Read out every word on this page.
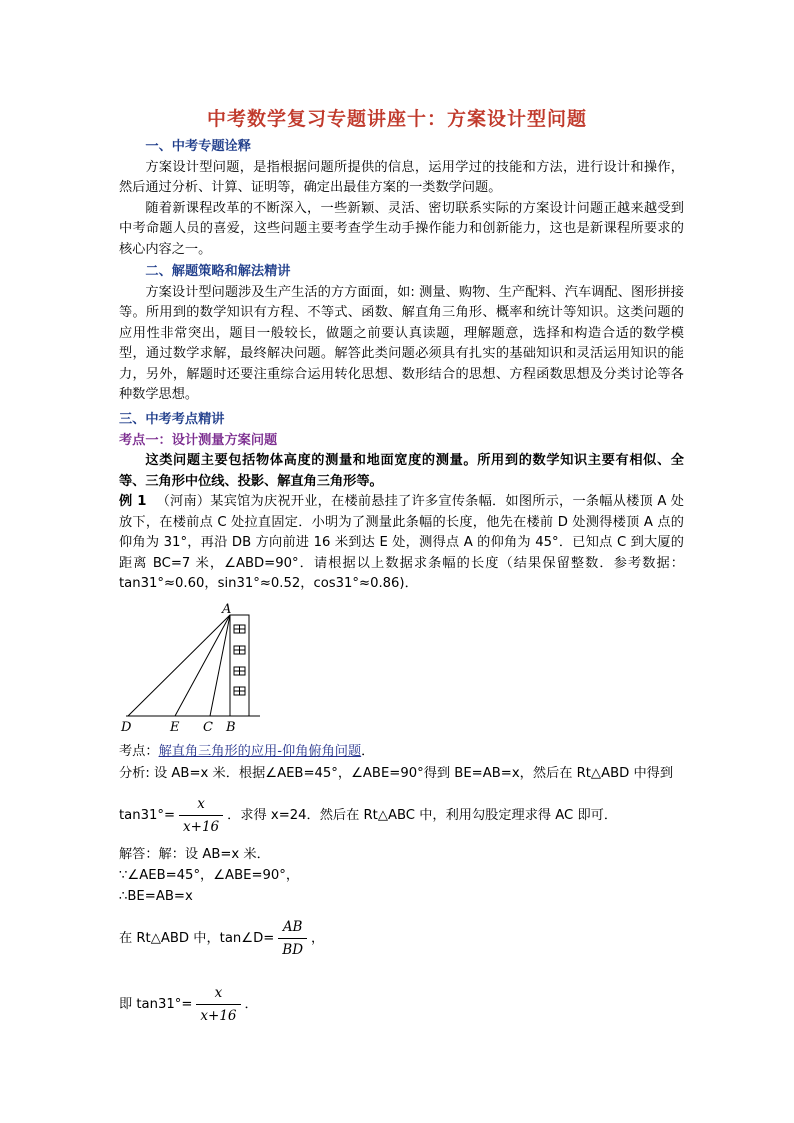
中考数学复习专题讲座十：方案设计型问题

一、中考专题诠释

方案设计型问题，是指根据问题所提供的信息，运用学过的技能和方法，进行设计和操作，然后通过分析、计算、证明等，确定出最佳方案的一类数学问题。

随着新课程改革的不断深入，一些新颖、灵活、密切联系实际的方案设计问题正越来越受到中考命题人员的喜爱，这些问题主要考查学生动手操作能力和创新能力，这也是新课程所要求的核心内容之一。

二、解题策略和解法精讲

方案设计型问题涉及生产生活的方方面面，如: 测量、购物、生产配料、汽车调配、图形拼接等。所用到的数学知识有方程、不等式、函数、解直角三角形、概率和统计等知识。这类问题的应用性非常突出，题目一般较长，做题之前要认真读题，理解题意，选择和构造合适的数学模型，通过数学求解，最终解决问题。解答此类问题必须具有扎实的基础知识和灵活运用知识的能力，另外，解题时还要注重综合运用转化思想、数形结合的思想、方程函数思想及分类讨论等各种数学思想。

三、中考考点精讲

考点一：设计测量方案问题

这类问题主要包括物体高度的测量和地面宽度的测量。所用到的数学知识主要有相似、全等、三角形中位线、投影、解直角三角形等。

例 1 （河南）某宾馆为庆祝开业，在楼前悬挂了许多宣传条幅．如图所示，一条幅从楼顶 A 处放下，在楼前点 C 处拉直固定．小明为了测量此条幅的长度，他先在楼前 D 处测得楼顶 A 点的仰角为 31°，再沿 DB 方向前进 16 米到达 E 处，测得点 A 的仰角为 45°．已知点 C 到大厦的距离 BC=7 米，∠ABD=90°．请根据以上数据求条幅的长度（结果保留整数．参考数据：tan31°≈0.60，sin31°≈0.52，cos31°≈0.86)．

A
B
C
D	E
考点：解直角三角形的应用-仰角俯角问题．
分析: 设 AB=x 米．根据∠AEB=45°，∠ABE=90°得到 BE=AB=x，然后在 Rt△ABD 中得到
$\tan 31^\circ= \frac{x}{x+16}$ ．求得 x=24．然后在 Rt△ABC 中，利用勾股定理求得 AC 即可．
解答：解：设 AB=x 米．
∵∠AEB=45°，∠ABE=90°，
∴BE=AB=x
在 Rt△ABD 中，tan∠D= $\frac{AB}{BD}$ ，
即 $\tan 31^\circ= \frac{x}{x+16}$ ．
